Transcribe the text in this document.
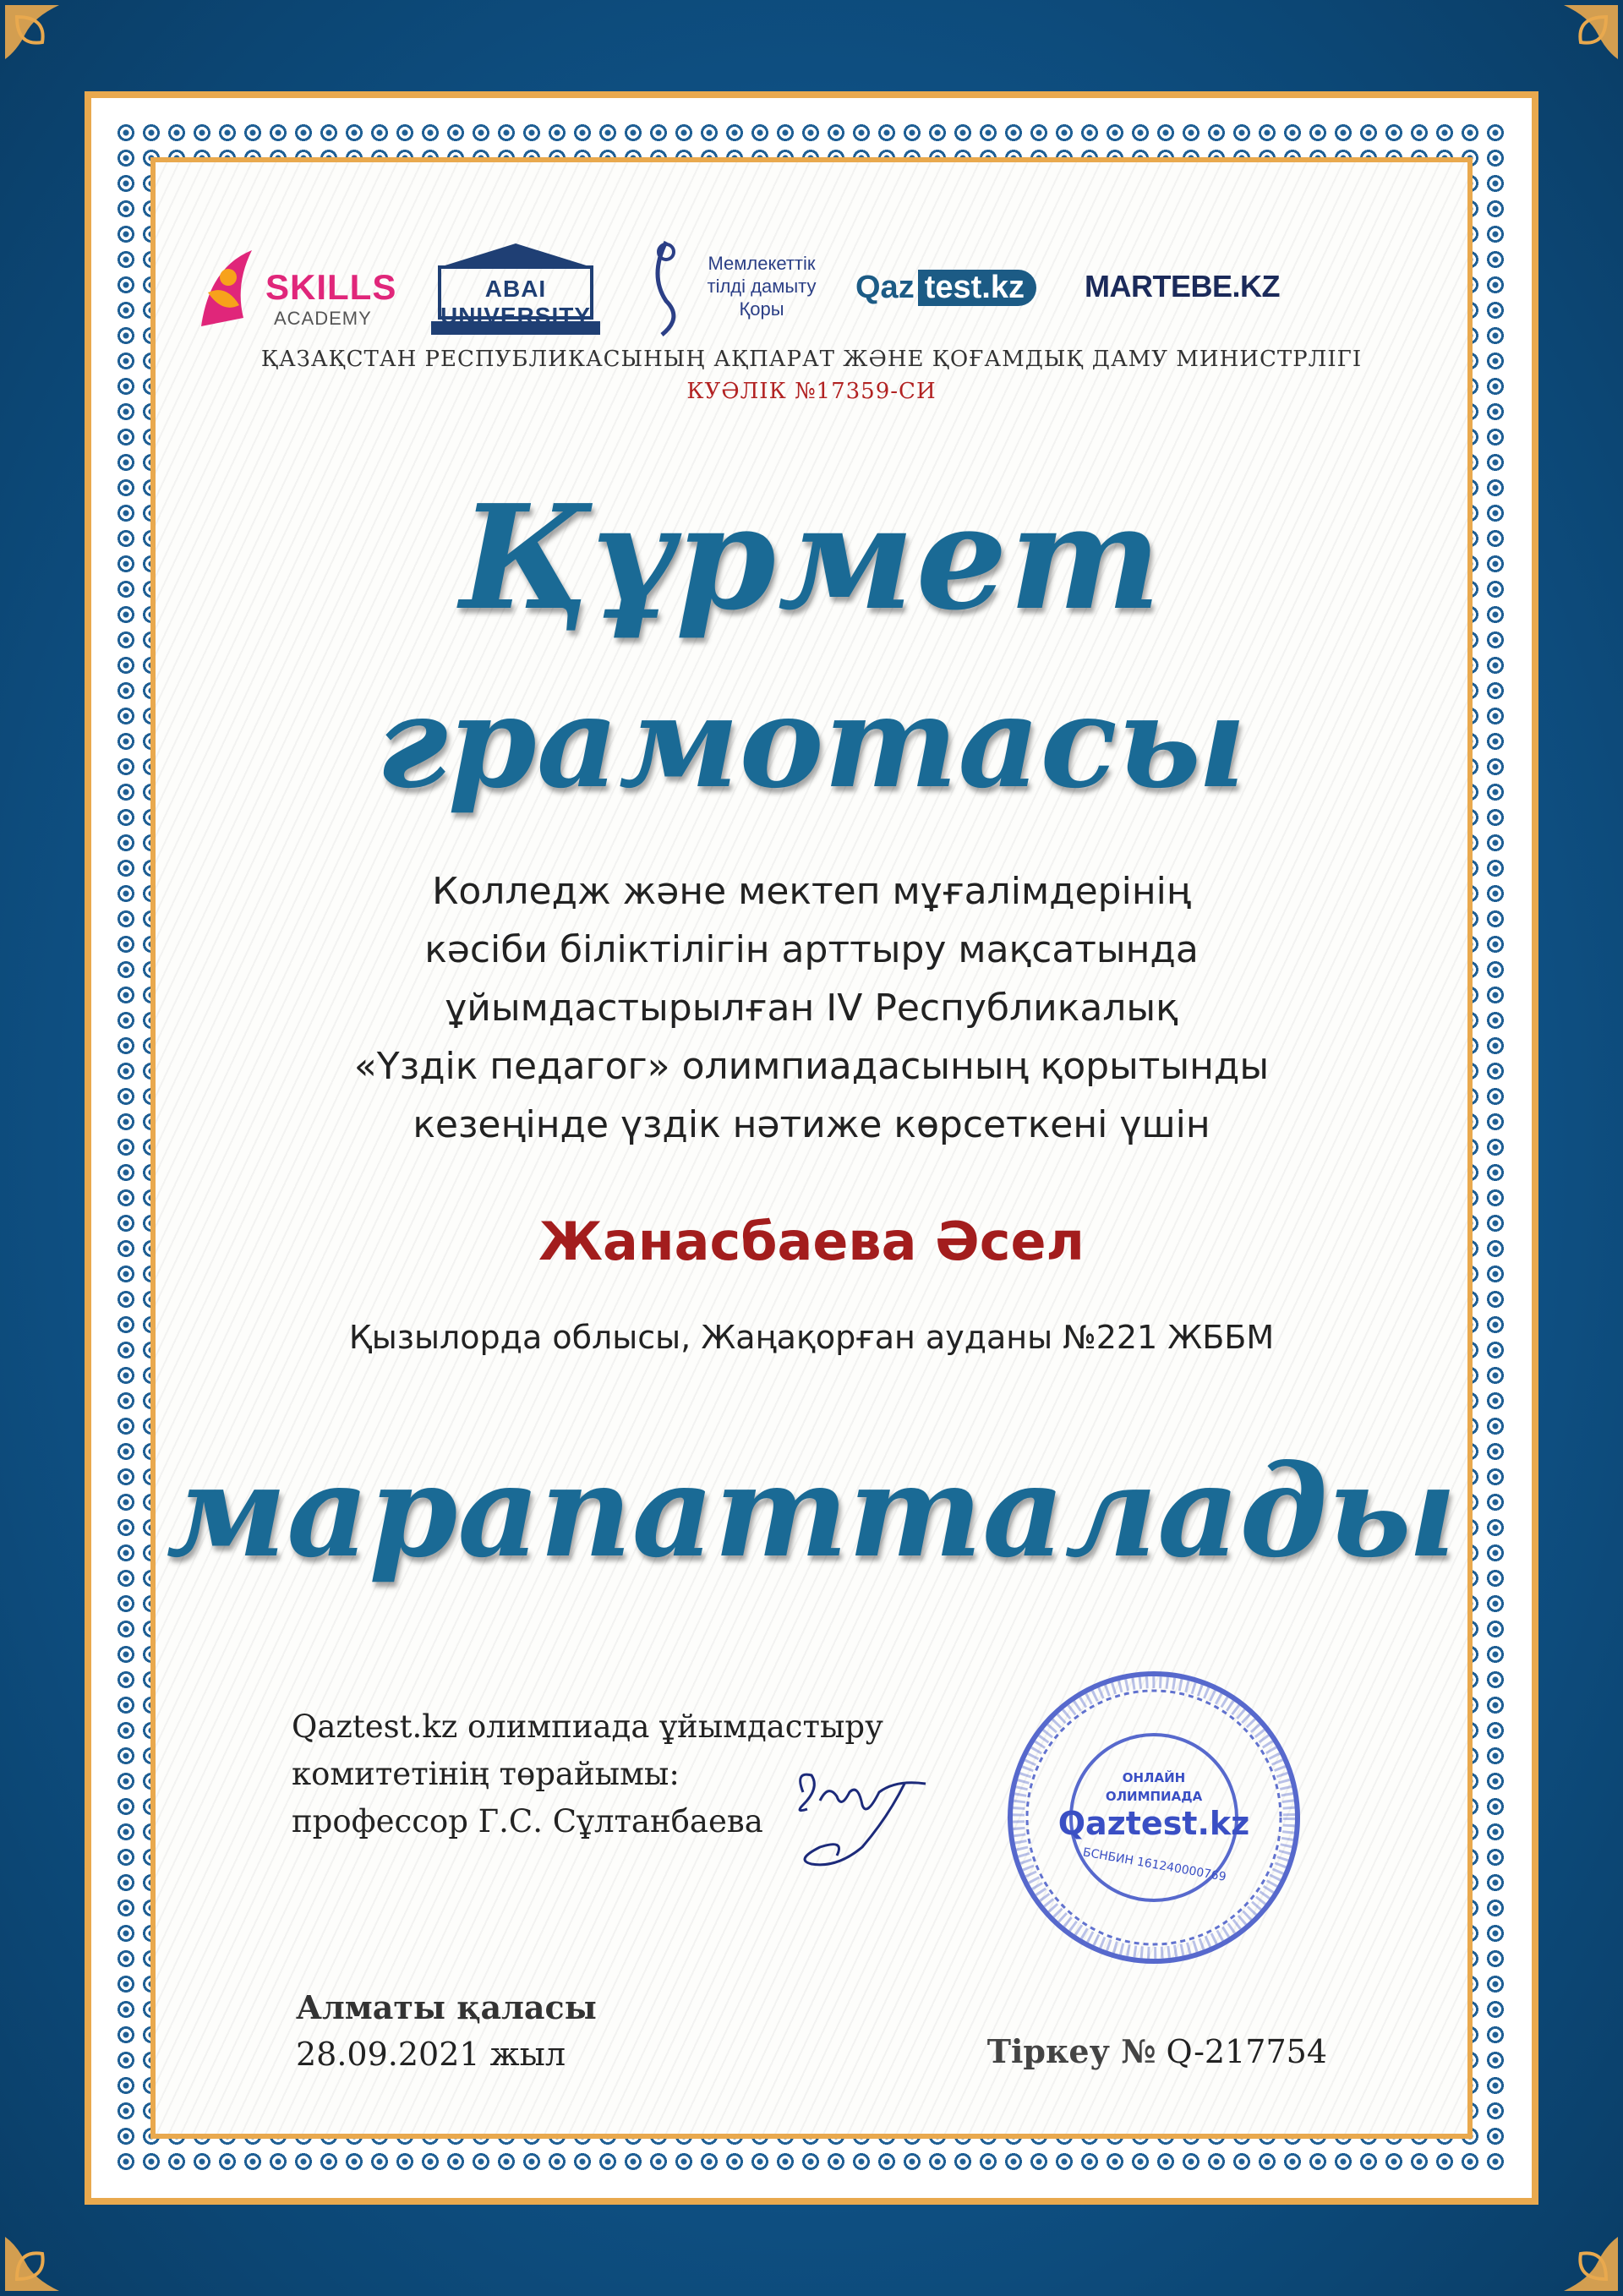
SKILLS
ACADEMY
ABAI UNIVERSITY
Мемлекеттік тілді дамыту Қоры
Qaz test.kz	MARTEBE.KZ
ҚАЗАҚСТАН РЕСПУБЛИКАСЫНЫҢ АҚПАРАТ ЖӘНЕ ҚОҒАМДЫҚ ДАМУ МИНИСТРЛІГІ
КУӘЛІК №17359-СИ
Құрмет
грамотасы
Колледж және мектеп мұғалімдерінің
кәсіби біліктілігін арттыру мақсатында
ұйымдастырылған IV Республикалық
«Үздік педагог» олимпиадасының қорытынды
кезеңінде үздік нәтиже көрсеткені үшін
Жанасбаева Әсел
Қызылорда облысы, Жаңақорған ауданы №221 ЖББМ
марапатталады
Qaztest.kz олимпиада ұйымдастыру
комитетінің төрайымы:
профессор Г.С. Сұлтанбаева
ОНЛАЙН
ОЛИМПИАДА
Qaztest.kz
БСНБИН 161240000769
Алматы қаласы
28.09.2021 жыл	Тіркеу № Q-217754
